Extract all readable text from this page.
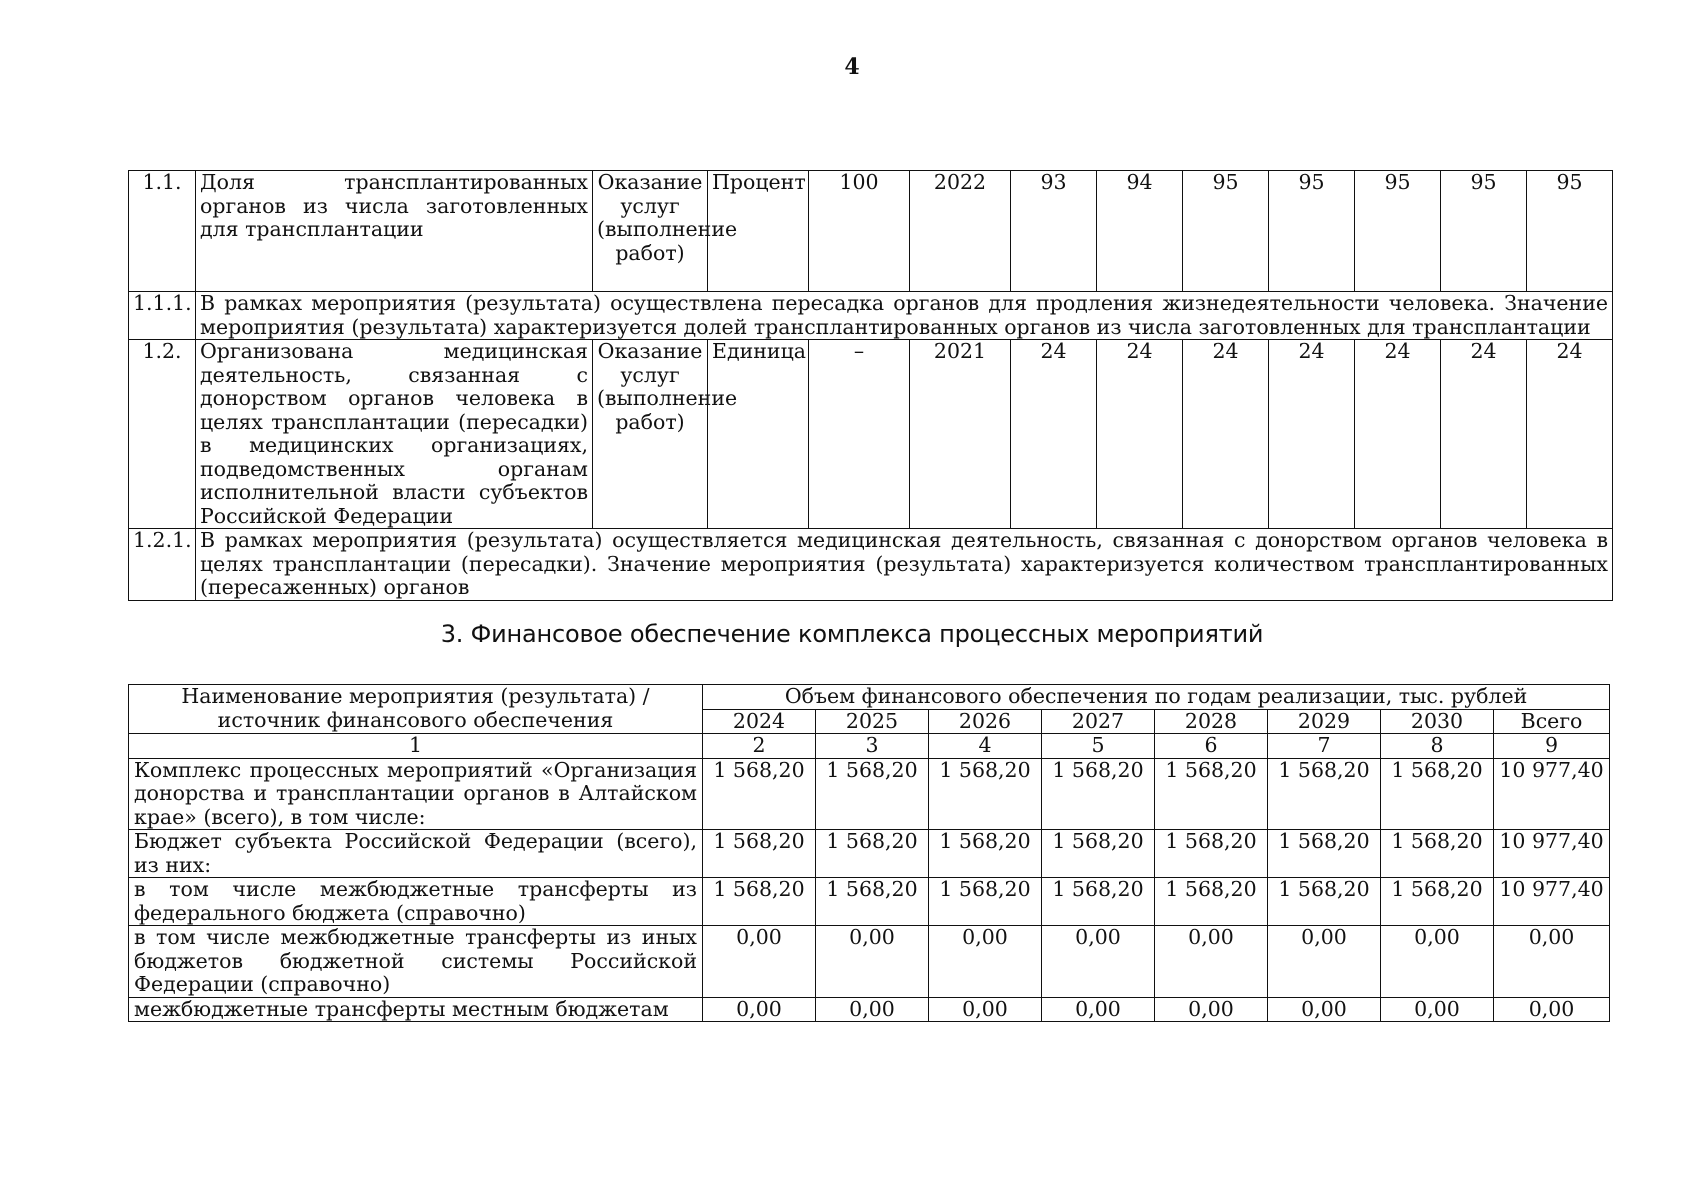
4
1.1.	Доля трансплантированных органов из числа заготовленных для трансплантации	Оказание услуг (выполнение работ)	Процент	100	2022	93	94	95	95	95	95	95
1.1.1.	В рамках мероприятия (результата) осуществлена пересадка органов для продления жизнедеятельности человека. Значение мероприятия (результата) характеризуется долей трансплантированных органов из числа заготовленных для трансплантации											
1.2.	Организована медицинская деятельность, связанная с донорством органов человека в целях трансплантации (пересадки) в медицинских организациях, подведомственных органам исполнительной власти субъектов Российской Федерации	Оказание услуг (выполнение работ)	Единица	–	2021	24	24	24	24	24	24	24
1.2.1.	В рамках мероприятия (результата) осуществляется медицинская деятельность, связанная с донорством органов человека в целях трансплантации (пересадки). Значение мероприятия (результата) характеризуется количеством трансплантированных (пересаженных) органов											
3. Финансовое обеспечение комплекса процессных мероприятий
Наименование мероприятия (результата) / источник финансового обеспечения	Объем финансового обеспечения по годам реализации, тыс. рублей							
	2024	2025	2026	2027	2028	2029	2030	Всего
1	2	3	4	5	6	7	8	9
Комплекс процессных мероприятий «Организация донорства и трансплантации органов в Алтайском крае» (всего), в том числе:	1 568,20	1 568,20	1 568,20	1 568,20	1 568,20	1 568,20	1 568,20	10 977,40
Бюджет субъекта Российской Федерации (всего), из них:	1 568,20	1 568,20	1 568,20	1 568,20	1 568,20	1 568,20	1 568,20	10 977,40
в том числе межбюджетные трансферты из федерального бюджета (справочно)	1 568,20	1 568,20	1 568,20	1 568,20	1 568,20	1 568,20	1 568,20	10 977,40
в том числе межбюджетные трансферты из иных бюджетов бюджетной системы Российской Федерации (справочно)	0,00	0,00	0,00	0,00	0,00	0,00	0,00	0,00
межбюджетные трансферты местным бюджетам	0,00	0,00	0,00	0,00	0,00	0,00	0,00	0,00
